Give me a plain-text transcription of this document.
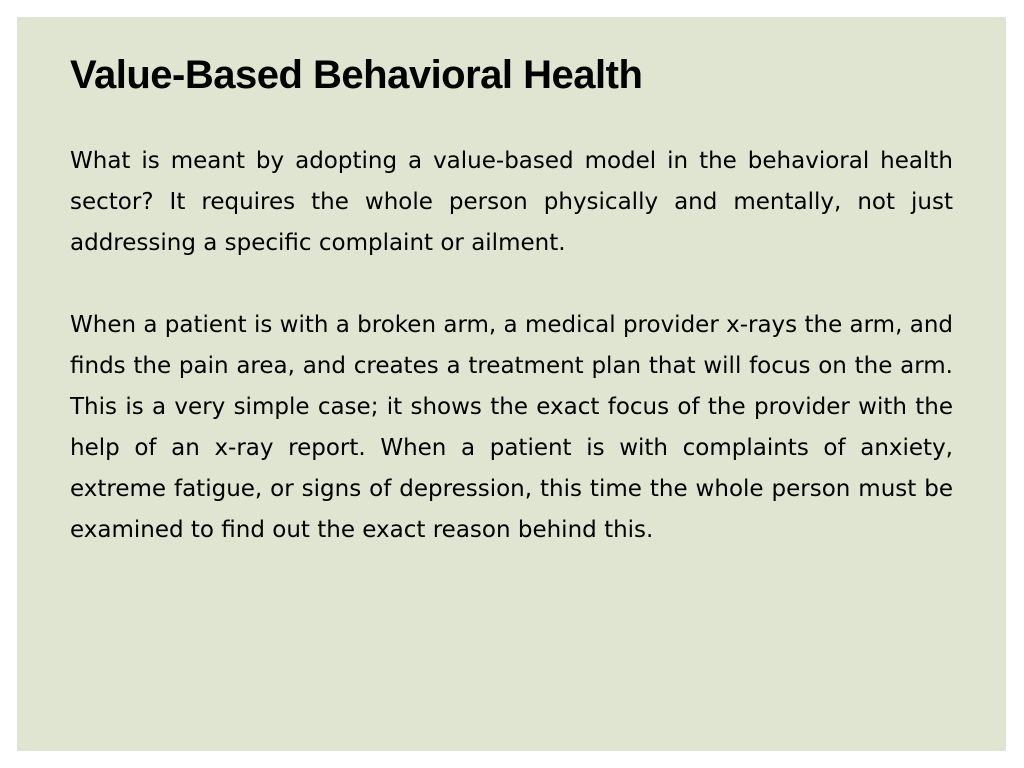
Value-Based Behavioral Health

What is meant by adopting a value-based model in the behavioral health sector? It requires the whole person physically and mentally, not just addressing a specific complaint or ailment.

When a patient is with a broken arm, a medical provider x-rays the arm, and finds the pain area, and creates a treatment plan that will focus on the arm. This is a very simple case; it shows the exact focus of the provider with the help of an x-ray report. When a patient is with complaints of anxiety, extreme fatigue, or signs of depression, this time the whole person must be examined to find out the exact reason behind this.
